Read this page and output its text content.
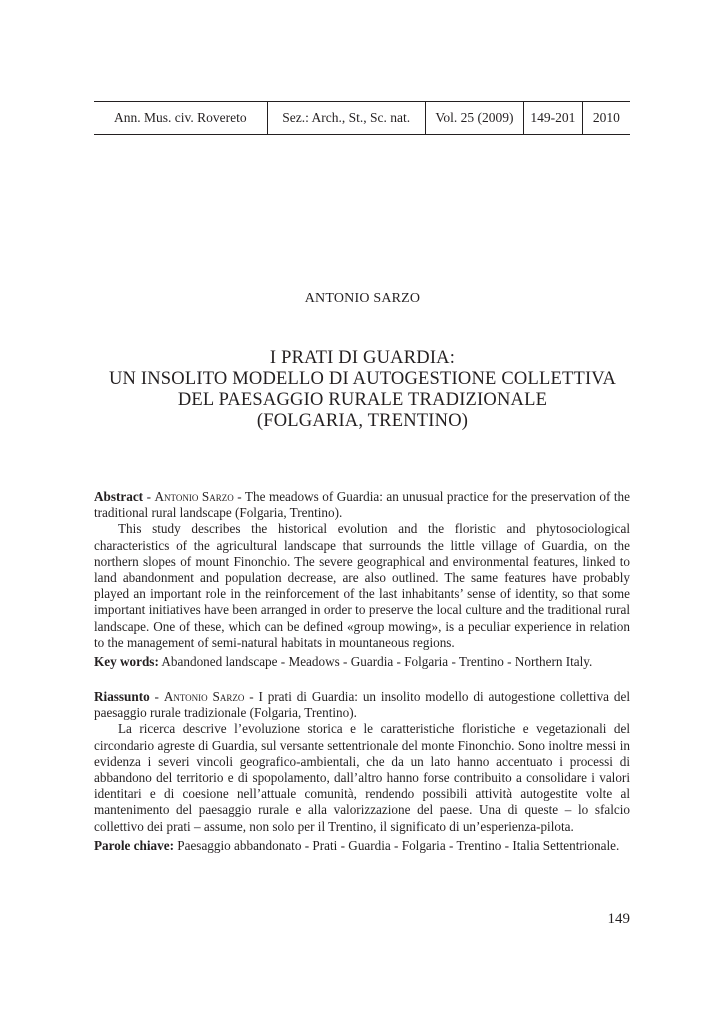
Ann. Mus. civ. Rovereto	Sez.: Arch., St., Sc. nat.	Vol. 25 (2009)	149-201	2010
ANTONIO SARZO
I PRATI DI GUARDIA:
UN INSOLITO MODELLO DI AUTOGESTIONE COLLETTIVA
DEL PAESAGGIO RURALE TRADIZIONALE
(FOLGARIA, TRENTINO)

Abstract - Antonio Sarzo - The meadows of Guardia: an unusual practice for the preservation of the traditional rural landscape (Folgaria, Trentino).

This study describes the historical evolution and the floristic and phytosociological characteristics of the agricultural landscape that surrounds the little village of Guardia, on the northern slopes of mount Finonchio. The severe geographical and environmental features, linked to land abandonment and population decrease, are also outlined. The same features have probably played an important role in the reinforcement of the last inhabitants’ sense of identity, so that some important initiatives have been arranged in order to preserve the local culture and the traditional rural landscape. One of these, which can be defined «group mowing», is a peculiar experience in relation to the management of semi-natural habitats in mountaneous regions.

Key words: Abandoned landscape - Meadows - Guardia - Folgaria - Trentino - Northern Italy.

Riassunto - Antonio Sarzo - I prati di Guardia: un insolito modello di autogestione collettiva del paesaggio rurale tradizionale (Folgaria, Trentino).

La ricerca descrive l’evoluzione storica e le caratteristiche floristiche e vegetazionali del circondario agreste di Guardia, sul versante settentrionale del monte Finonchio. Sono inoltre messi in evidenza i severi vincoli geografico-ambientali, che da un lato hanno accentuato i processi di abbandono del territorio e di spopolamento, dall’altro hanno forse contribuito a consolidare i valori identitari e di coesione nell’attuale comunità, rendendo possibili attività autogestite volte al mantenimento del paesaggio rurale e alla valorizzazione del paese. Una di queste – lo sfalcio collettivo dei prati – assume, non solo per il Trentino, il significato di un’esperienza-pilota.

Parole chiave: Paesaggio abbandonato - Prati - Guardia - Folgaria - Trentino - Italia Settentrionale.

149
